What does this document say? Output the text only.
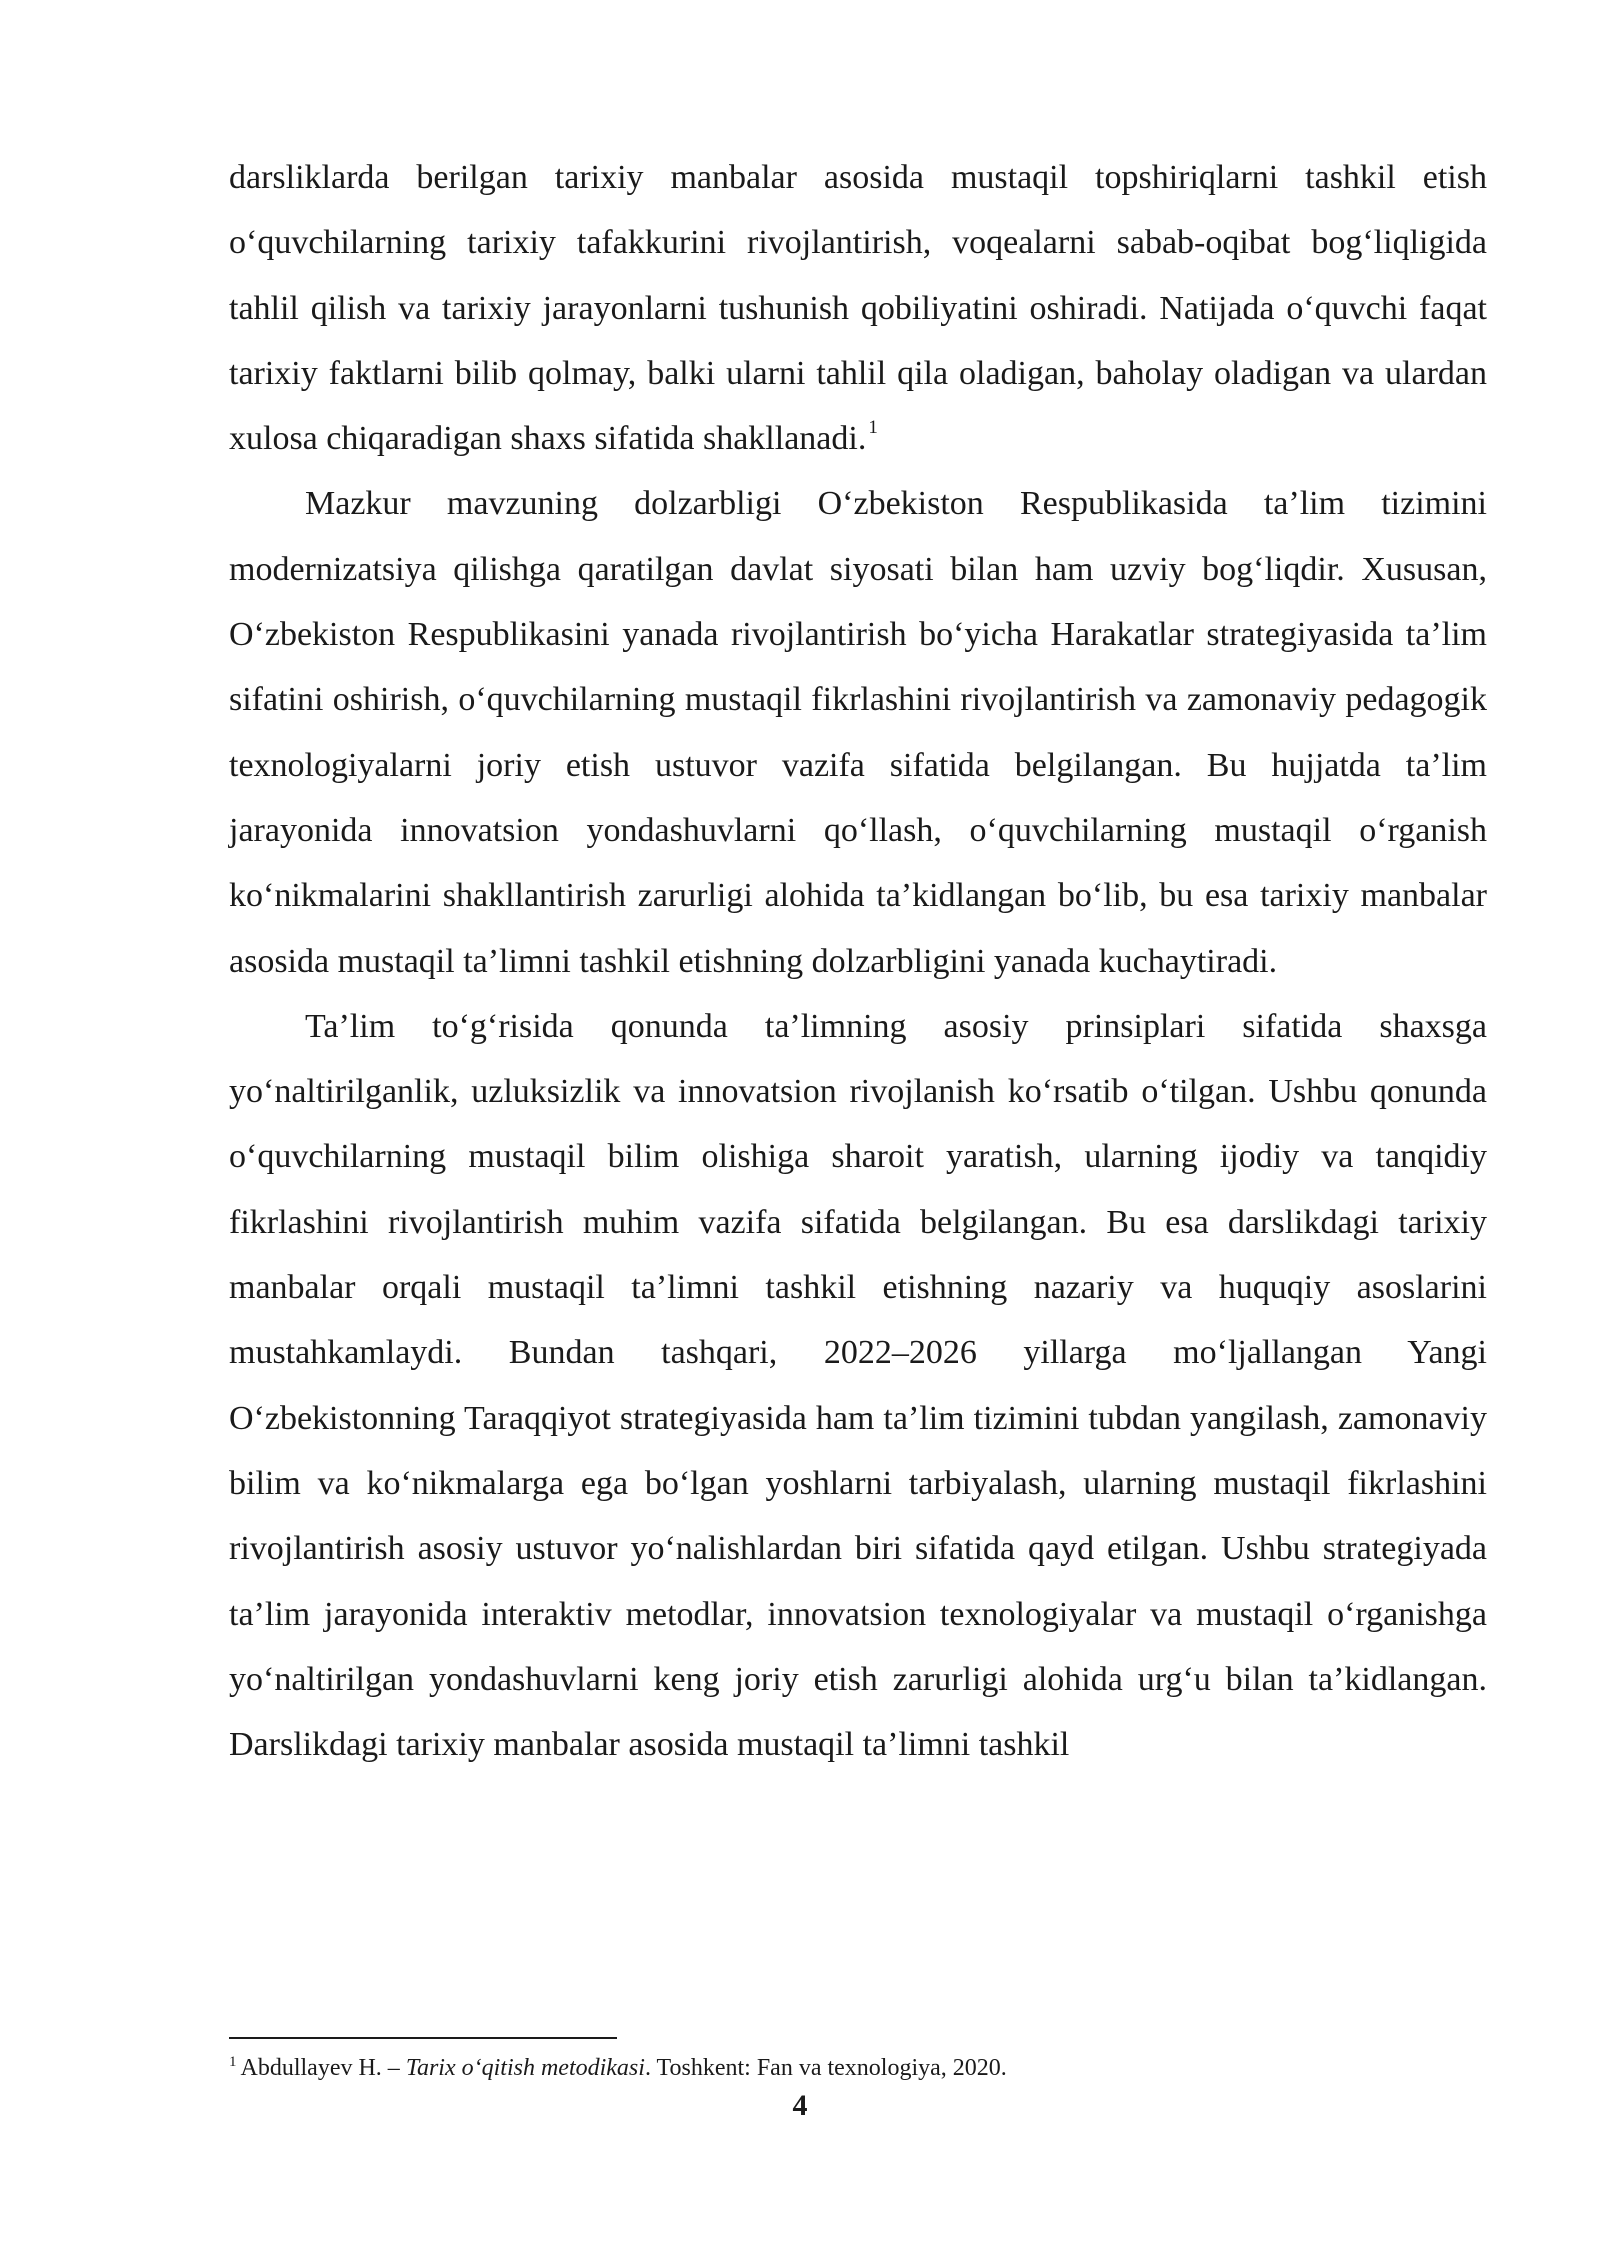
darsliklarda berilgan tarixiy manbalar asosida mustaqil topshiriqlarni tashkil etish o‘quvchilarning tarixiy tafakkurini rivojlantirish, voqealarni sabab-oqibat bog‘liqligida tahlil qilish va tarixiy jarayonlarni tushunish qobiliyatini oshiradi. Natijada o‘quvchi faqat tarixiy faktlarni bilib qolmay, balki ularni tahlil qila oladigan, baholay oladigan va ulardan xulosa chiqaradigan shaxs sifatida shakllanadi. $^1$

Mazkur mavzuning dolzarbligi O‘zbekiston Respublikasida ta’lim tizimini modernizatsiya qilishga qaratilgan davlat siyosati bilan ham uzviy bog‘liqdir. Xususan, O‘zbekiston Respublikasini yanada rivojlantirish bo‘yicha Harakatlar strategiyasida ta’lim sifatini oshirish, o‘quvchilarning mustaqil fikrlashini rivojlantirish va zamonaviy pedagogik texnologiyalarni joriy etish ustuvor vazifa sifatida belgilangan. Bu hujjatda ta’lim jarayonida innovatsion yondashuvlarni qo‘llash, o‘quvchilarning mustaqil o‘rganish ko‘nikmalarini shakllantirish zarurligi alohida ta’kidlangan bo‘lib, bu esa tarixiy manbalar asosida mustaqil ta’limni tashkil etishning dolzarbligini yanada kuchaytiradi.

Ta’lim to‘g‘risida qonunda ta’limning asosiy prinsiplari sifatida shaxsga yo‘naltirilganlik, uzluksizlik va innovatsion rivojlanish ko‘rsatib o‘tilgan. Ushbu qonunda o‘quvchilarning mustaqil bilim olishiga sharoit yaratish, ularning ijodiy va tanqidiy fikrlashini rivojlantirish muhim vazifa sifatida belgilangan. Bu esa darslikdagi tarixiy manbalar orqali mustaqil ta’limni tashkil etishning nazariy va huquqiy asoslarini mustahkamlaydi. Bundan tashqari, 2022–2026 yillarga mo‘ljallangan Yangi O‘zbekistonning Taraqqiyot strategiyasida ham ta’lim tizimini tubdan yangilash, zamonaviy bilim va ko‘nikmalarga ega bo‘lgan yoshlarni tarbiyalash, ularning mustaqil fikrlashini rivojlantirish asosiy ustuvor yo‘nalishlardan biri sifatida qayd etilgan. Ushbu strategiyada ta’lim jarayonida interaktiv metodlar, innovatsion texnologiyalar va mustaqil o‘rganishga yo‘naltirilgan yondashuvlarni keng joriy etish zarurligi alohida urg‘u bilan ta’kidlangan. Darslikdagi tarixiy manbalar asosida mustaqil ta’limni tashkil

$^1$ Abdullayev H. – Tarix o‘qitish metodikasi. Toshkent: Fan va texnologiya, 2020.
4
